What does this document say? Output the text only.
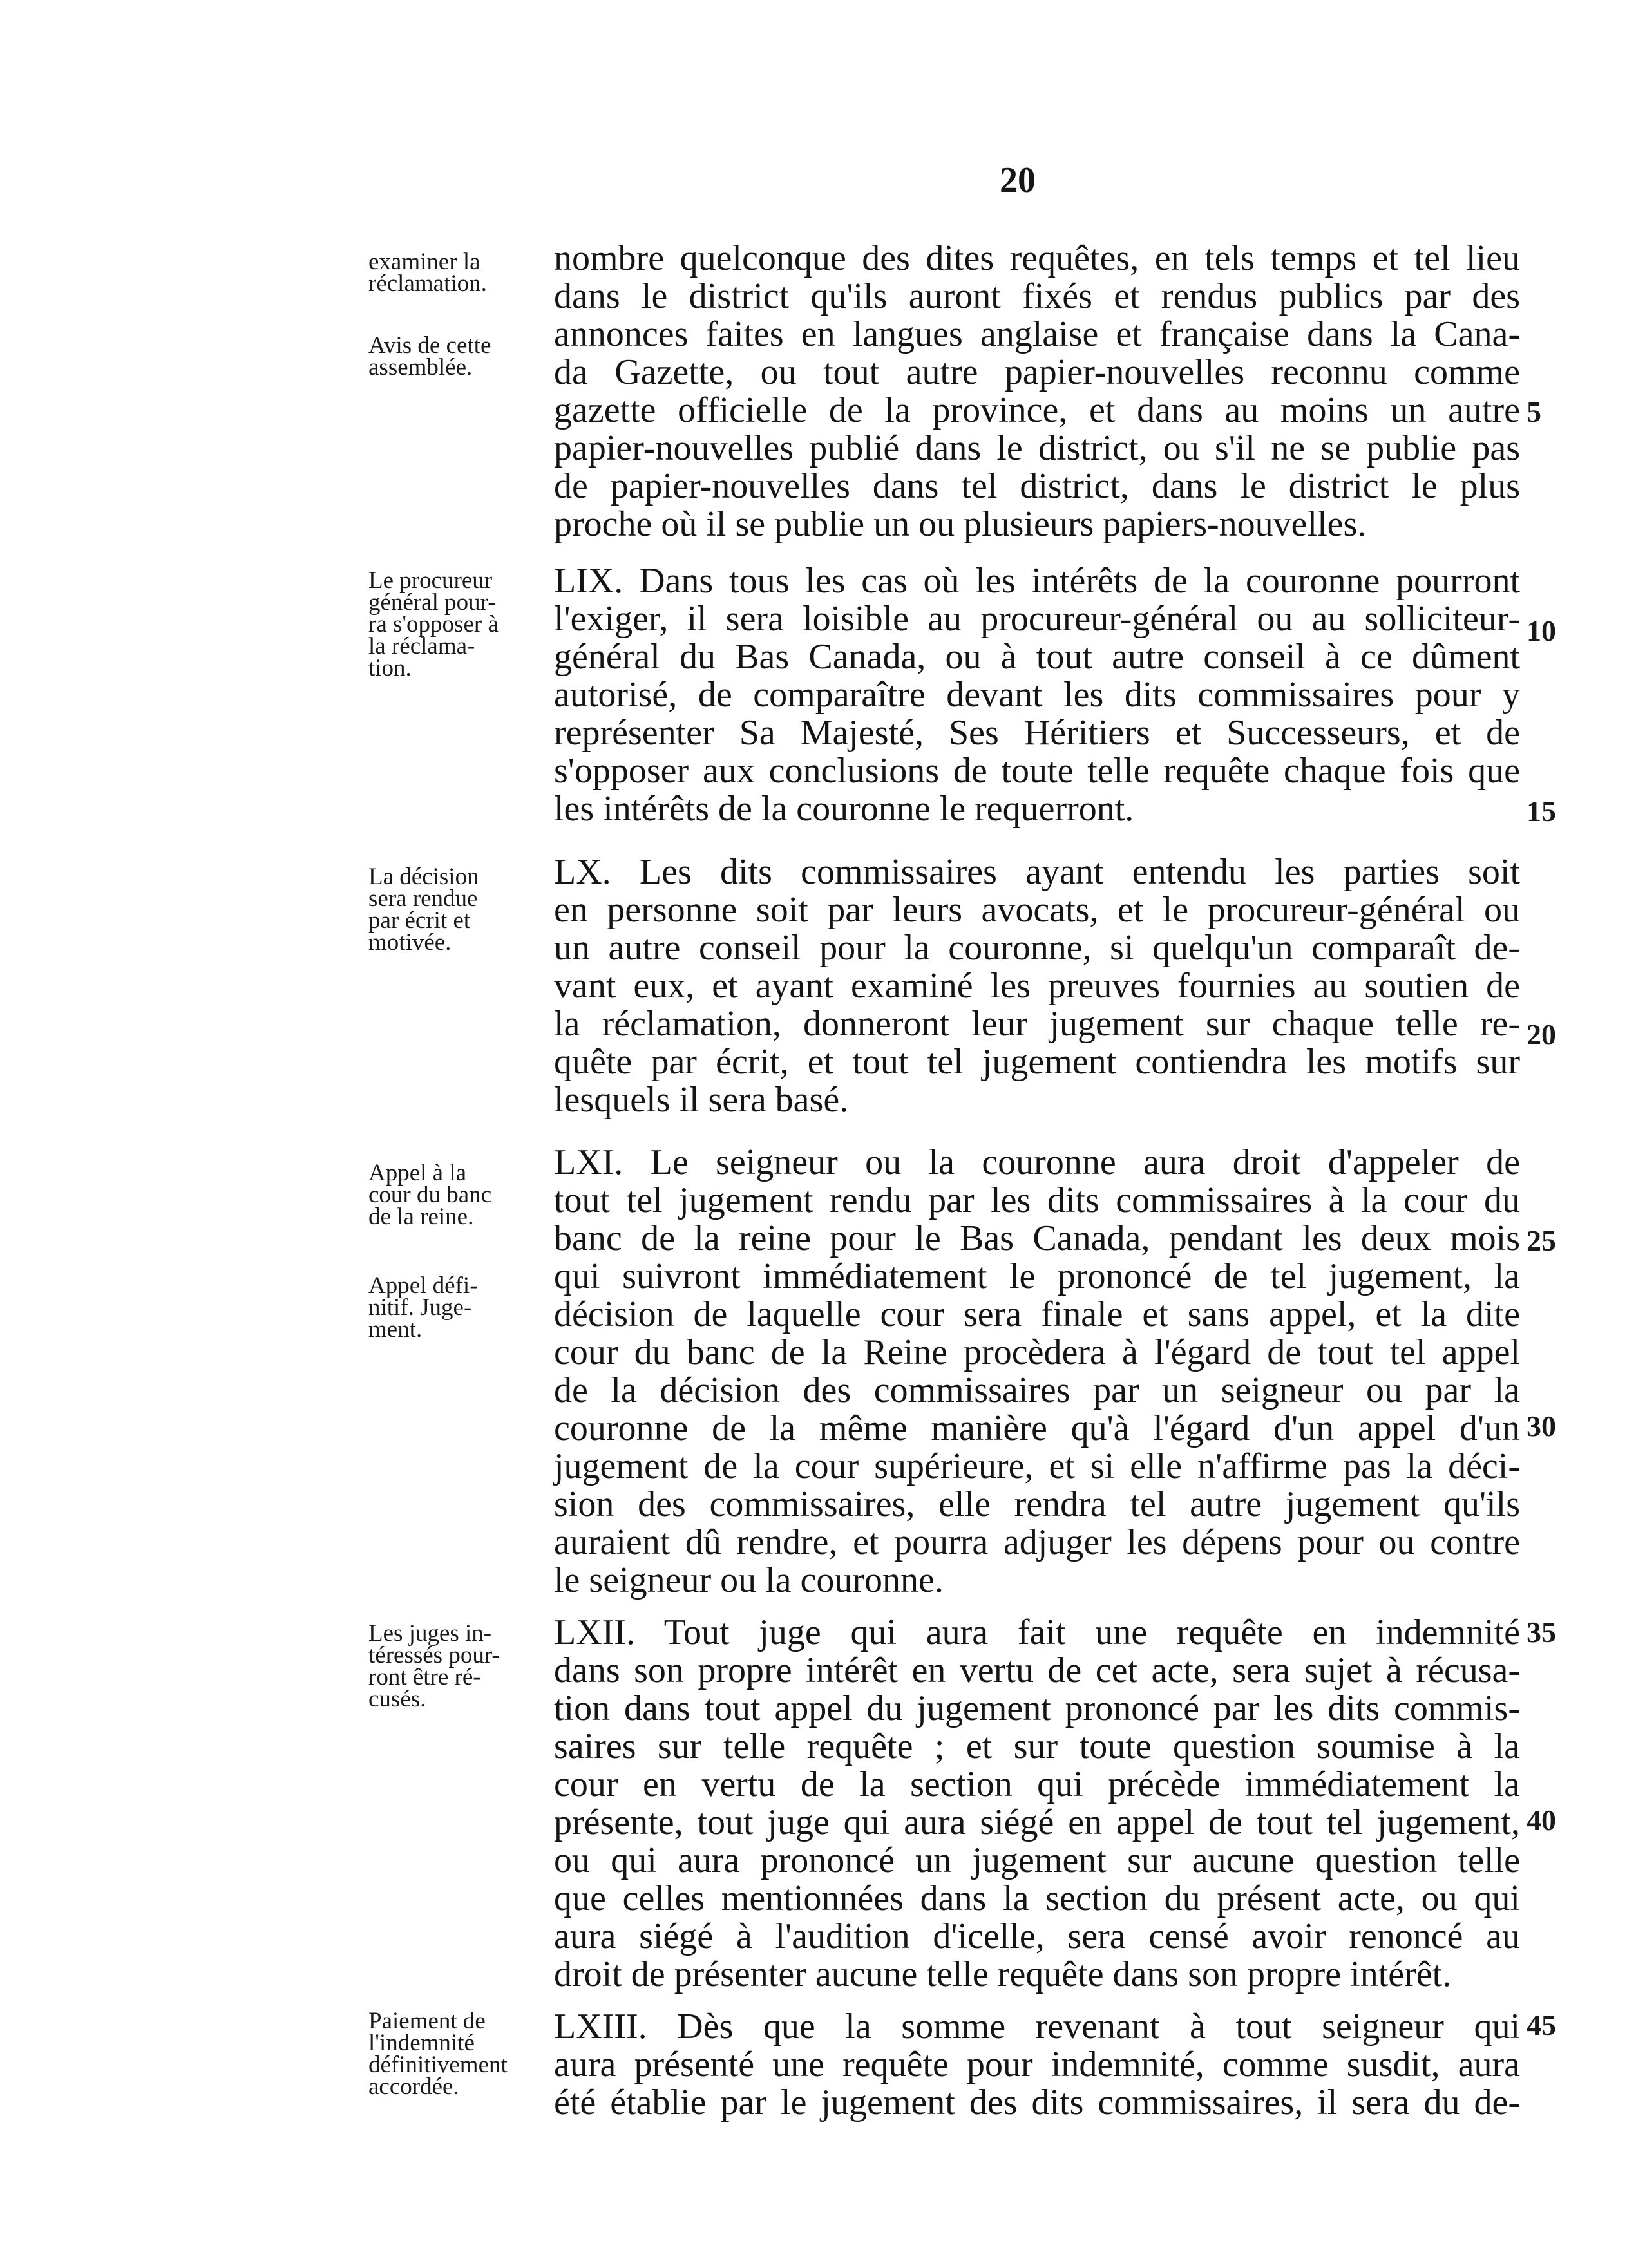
20
examiner la
réclamation.
Avis de cette
assemblée.
Le procureur
général pour-
ra s'opposer à
la réclama-
tion.
La décision
sera rendue
par écrit et
motivée.
Appel à la
cour du banc
de la reine.
Appel défi-
nitif. Juge-
ment.
Les juges in-
téressés pour-
ront être ré-
cusés.
Paiement de
l'indemnité
définitivement
accordée.
nombre quelconque des dites requêtes, en tels temps et tel lieu
dans le district qu'ils auront fixés et rendus publics par des
annonces faites en langues anglaise et française dans la Cana-
da Gazette, ou tout autre papier-nouvelles reconnu comme
gazette officielle de la province, et dans au moins un autre
papier-nouvelles publié dans le district, ou s'il ne se publie pas
de papier-nouvelles dans tel district, dans le district le plus
proche où il se publie un ou plusieurs papiers-nouvelles.
LIX. Dans tous les cas où les intérêts de la couronne pourront
l'exiger, il sera loisible au procureur-général ou au solliciteur-
général du Bas Canada, ou à tout autre conseil à ce dûment
autorisé, de comparaître devant les dits commissaires pour y
représenter Sa Majesté, Ses Héritiers et Successeurs, et de
s'opposer aux conclusions de toute telle requête chaque fois que
les intérêts de la couronne le requerront.
LX. Les dits commissaires ayant entendu les parties soit
en personne soit par leurs avocats, et le procureur-général ou
un autre conseil pour la couronne, si quelqu'un comparaît de-
vant eux, et ayant examiné les preuves fournies au soutien de
la réclamation, donneront leur jugement sur chaque telle re-
quête par écrit, et tout tel jugement contiendra les motifs sur
lesquels il sera basé.
LXI. Le seigneur ou la couronne aura droit d'appeler de
tout tel jugement rendu par les dits commissaires à la cour du
banc de la reine pour le Bas Canada, pendant les deux mois
qui suivront immédiatement le prononcé de tel jugement, la
décision de laquelle cour sera finale et sans appel, et la dite
cour du banc de la Reine procèdera à l'égard de tout tel appel
de la décision des commissaires par un seigneur ou par la
couronne de la même manière qu'à l'égard d'un appel d'un
jugement de la cour supérieure, et si elle n'affirme pas la déci-
sion des commissaires, elle rendra tel autre jugement qu'ils
auraient dû rendre, et pourra adjuger les dépens pour ou contre
le seigneur ou la couronne.
LXII. Tout juge qui aura fait une requête en indemnité
dans son propre intérêt en vertu de cet acte, sera sujet à récusa-
tion dans tout appel du jugement prononcé par les dits commis-
saires sur telle requête ; et sur toute question soumise à la
cour en vertu de la section qui précède immédiatement la
présente, tout juge qui aura siégé en appel de tout tel jugement,
ou qui aura prononcé un jugement sur aucune question telle
que celles mentionnées dans la section du présent acte, ou qui
aura siégé à l'audition d'icelle, sera censé avoir renoncé au
droit de présenter aucune telle requête dans son propre intérêt.
LXIII. Dès que la somme revenant à tout seigneur qui
aura présenté une requête pour indemnité, comme susdit, aura
été établie par le jugement des dits commissaires, il sera du de-
5
10
15
20
25
30
35
40
45
